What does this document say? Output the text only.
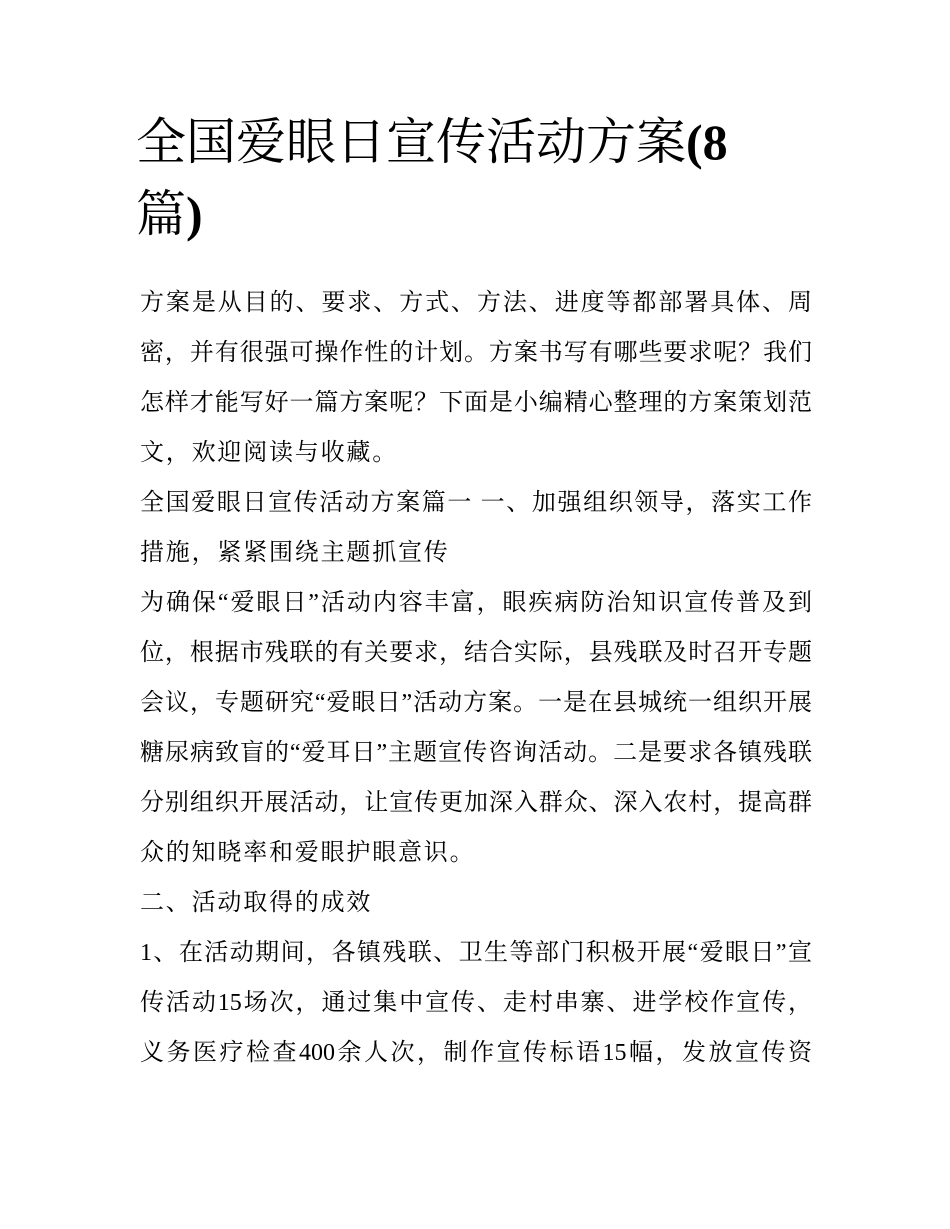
全国爱眼日宣传活动方案(8
篇)
方案是从目的、要求、方式、方法、进度等都部署具体、周
密，并有很强可操作性的计划。方案书写有哪些要求呢？我们
怎样才能写好一篇方案呢？下面是小编精心整理的方案策划范
文，欢迎阅读与收藏。
全国爱眼日宣传活动方案篇一 一、加强组织领导，落实工作
措施，紧紧围绕主题抓宣传
为确保“爱眼日”活动内容丰富，眼疾病防治知识宣传普及到
位，根据市残联的有关要求，结合实际，县残联及时召开专题
会议，专题研究“爱眼日”活动方案。一是在县城统一组织开展
糖尿病致盲的“爱耳日”主题宣传咨询活动。二是要求各镇残联
分别组织开展活动，让宣传更加深入群众、深入农村，提高群
众的知晓率和爱眼护眼意识。
二、活动取得的成效
1、在活动期间，各镇残联、卫生等部门积极开展“爱眼日”宣
传活动15场次，通过集中宣传、走村串寨、进学校作宣传，
义务医疗检查400余人次，制作宣传标语15幅，发放宣传资
